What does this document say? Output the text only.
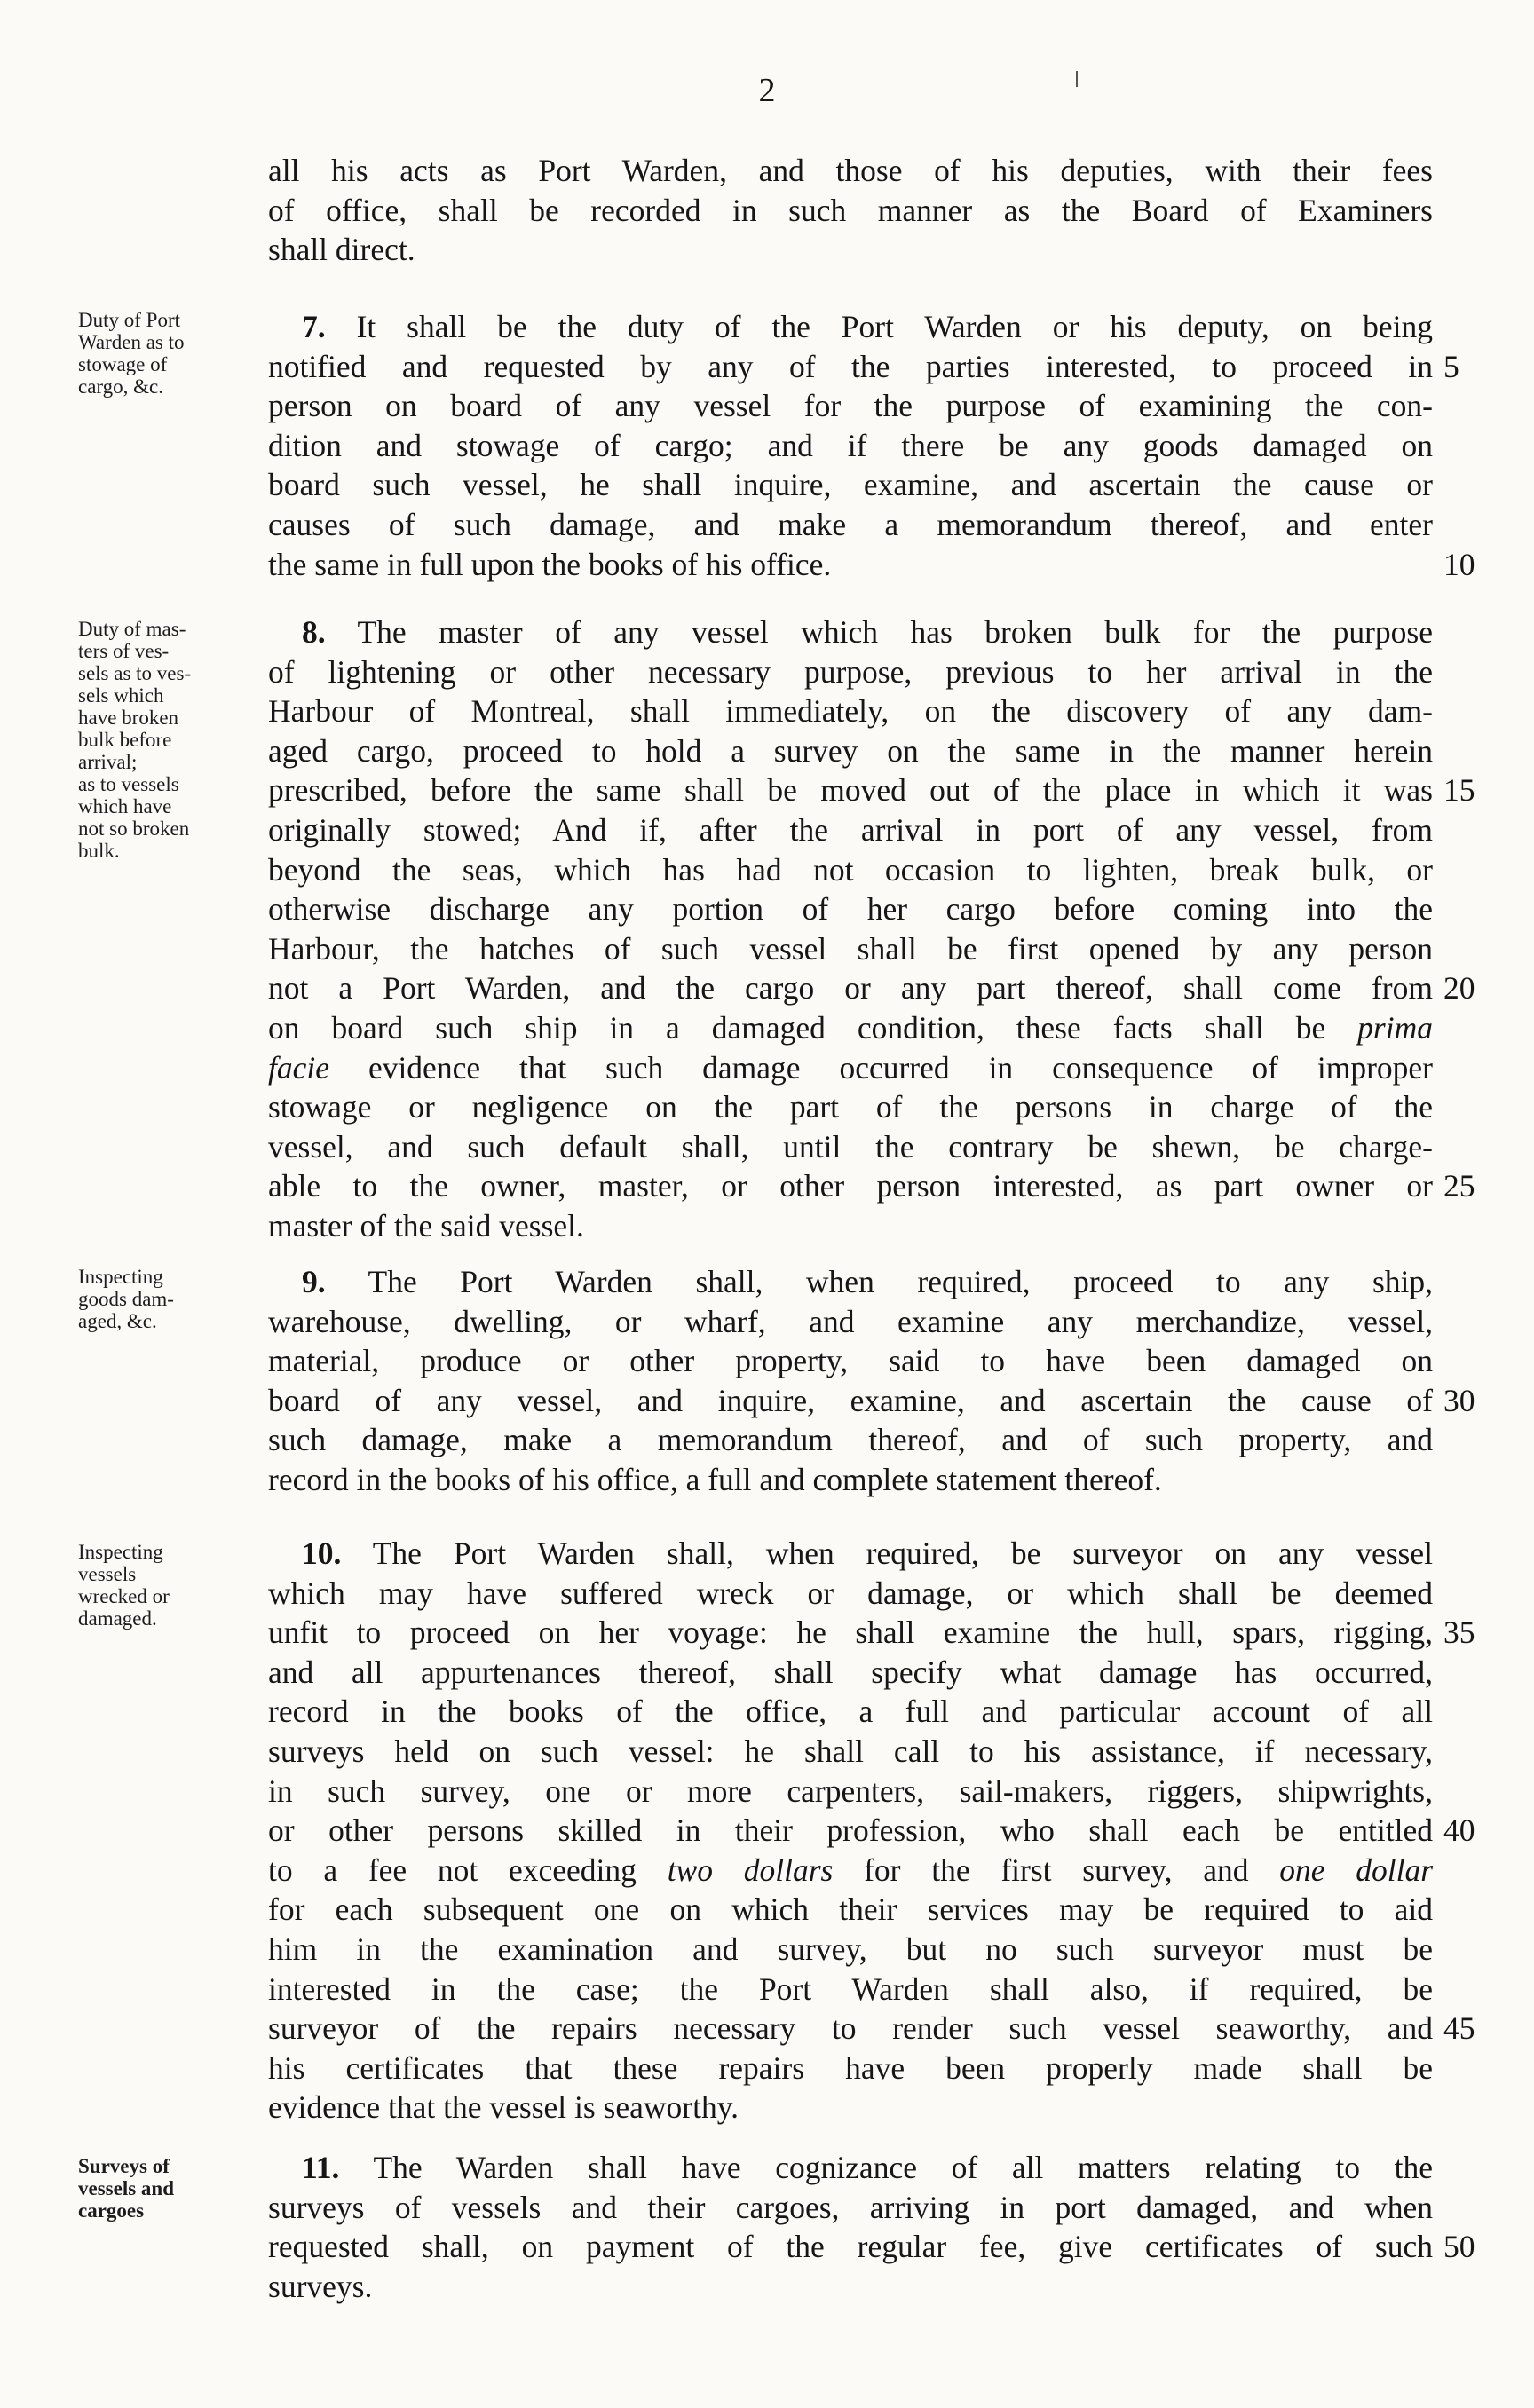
2
all his acts as Port Warden, and those of his deputies, with their fees
of office, shall be recorded in such manner as the Board of Examiners
shall direct.
Duty of Port
Warden as to
stowage of
cargo, &c.
7. It shall be the duty of the Port Warden or his deputy, on being
notified and requested by any of the parties interested, to proceed in
person on board of any vessel for the purpose of examining the con-
dition and stowage of cargo; and if there be any goods damaged on
board such vessel, he shall inquire, examine, and ascertain the cause or
causes of such damage, and make a memorandum thereof, and enter
the same in full upon the books of his office.
5
10
Duty of mas-
ters of ves-
sels as to ves-
sels which
have broken
bulk before
arrival;
as to vessels
which have
not so broken
bulk.
8. The master of any vessel which has broken bulk for the purpose
of lightening or other necessary purpose, previous to her arrival in the
Harbour of Montreal, shall immediately, on the discovery of any dam-
aged cargo, proceed to hold a survey on the same in the manner herein
prescribed, before the same shall be moved out of the place in which it was
originally stowed; And if, after the arrival in port of any vessel, from
beyond the seas, which has had not occasion to lighten, break bulk, or
otherwise discharge any portion of her cargo before coming into the
Harbour, the hatches of such vessel shall be first opened by any person
not a Port Warden, and the cargo or any part thereof, shall come from
on board such ship in a damaged condition, these facts shall be prima
facie evidence that such damage occurred in consequence of improper
stowage or negligence on the part of the persons in charge of the
vessel, and such default shall, until the contrary be shewn, be charge-
able to the owner, master, or other person interested, as part owner or
master of the said vessel.
15
20
25
Inspecting
goods dam-
aged, &c.
9. The Port Warden shall, when required, proceed to any ship,
warehouse, dwelling, or wharf, and examine any merchandize, vessel,
material, produce or other property, said to have been damaged on
board of any vessel, and inquire, examine, and ascertain the cause of
such damage, make a memorandum thereof, and of such property, and
record in the books of his office, a full and complete statement thereof.
30
Inspecting
vessels
wrecked or
damaged.
10. The Port Warden shall, when required, be surveyor on any vessel
which may have suffered wreck or damage, or which shall be deemed
unfit to proceed on her voyage: he shall examine the hull, spars, rigging,
and all appurtenances thereof, shall specify what damage has occurred,
record in the books of the office, a full and particular account of all
surveys held on such vessel: he shall call to his assistance, if necessary,
in such survey, one or more carpenters, sail-makers, riggers, shipwrights,
or other persons skilled in their profession, who shall each be entitled
to a fee not exceeding two dollars for the first survey, and one dollar
for each subsequent one on which their services may be required to aid
him in the examination and survey, but no such surveyor must be
interested in the case; the Port Warden shall also, if required, be
surveyor of the repairs necessary to render such vessel seaworthy, and
his certificates that these repairs have been properly made shall be
evidence that the vessel is seaworthy.
35
40
45
Surveys of
vessels and
cargoes
11. The Warden shall have cognizance of all matters relating to the
surveys of vessels and their cargoes, arriving in port damaged, and when
requested shall, on payment of the regular fee, give certificates of such
surveys.
50
